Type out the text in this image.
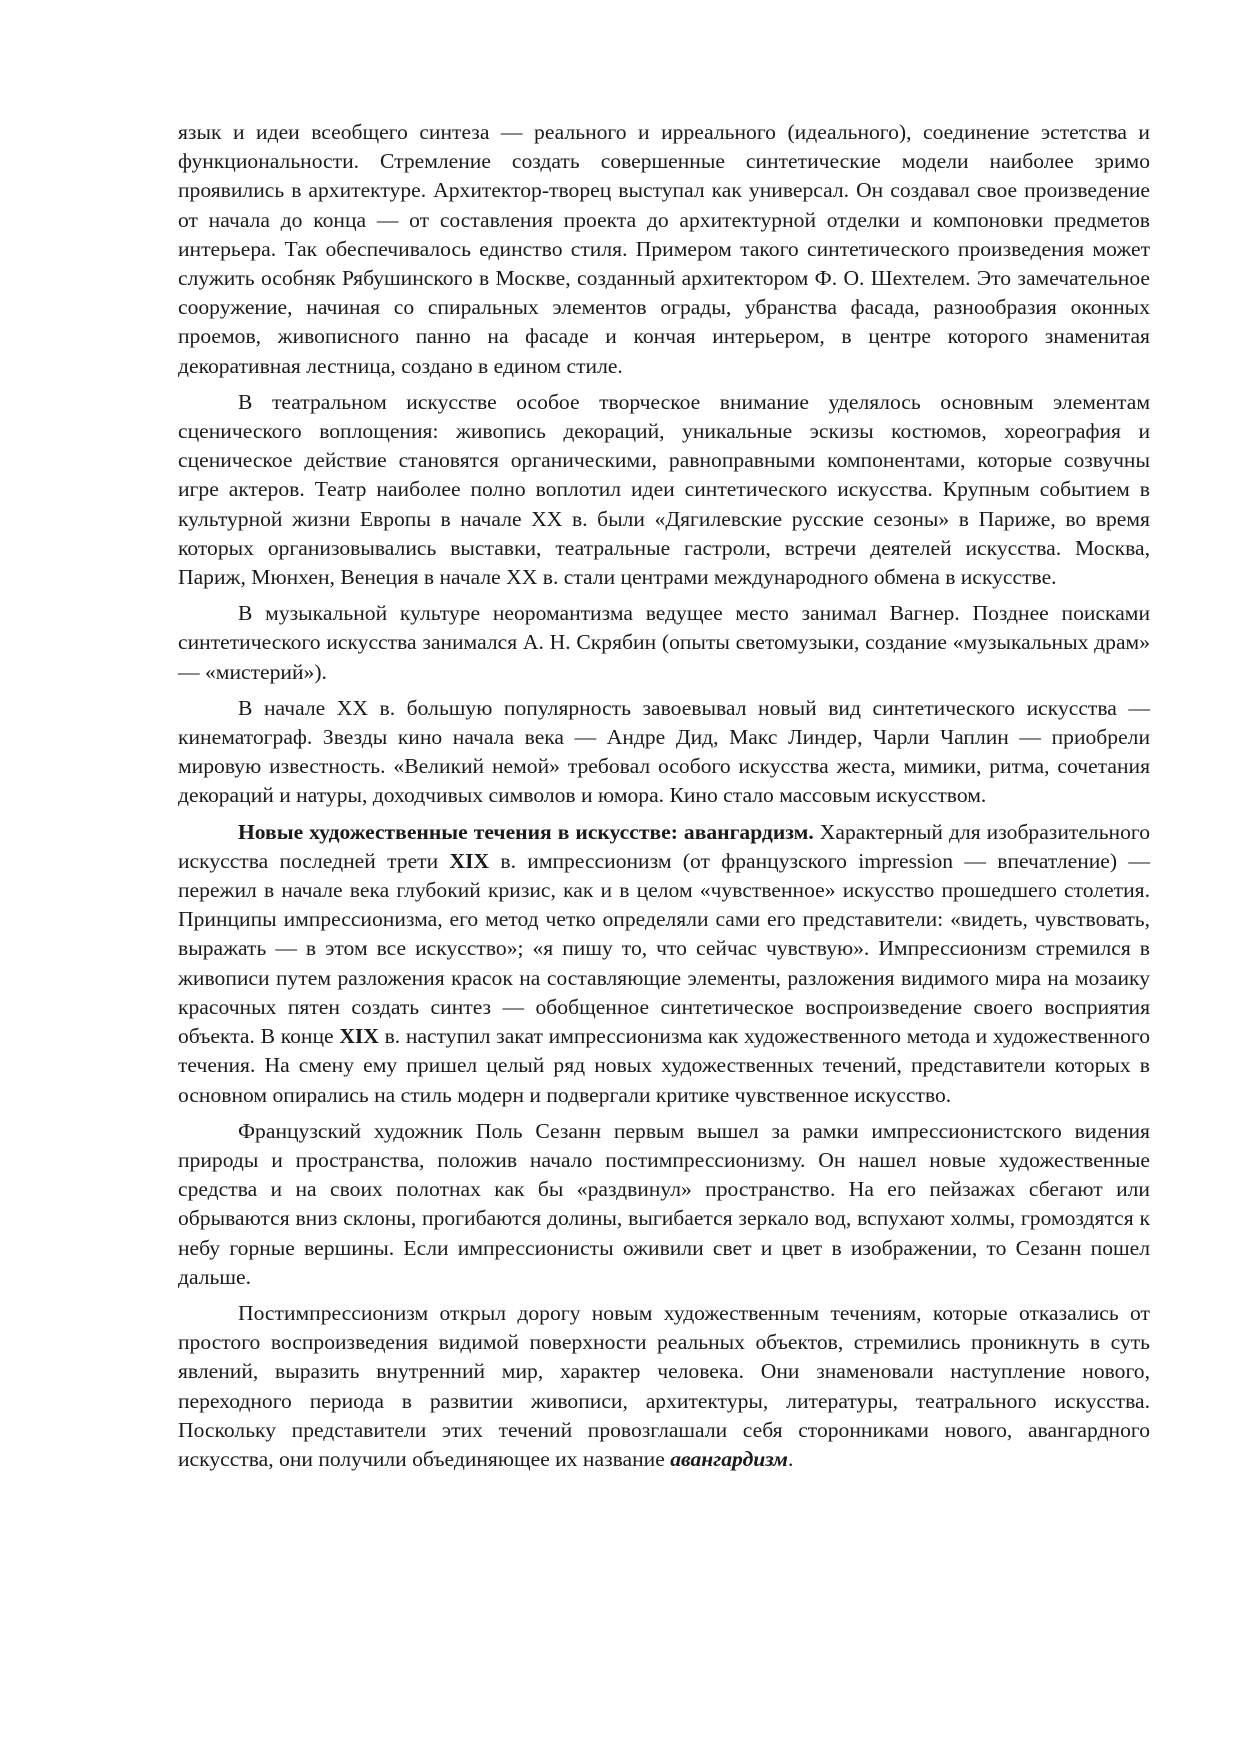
язык и идеи всеобщего синтеза — реального и ирреального (идеального), соединение эстетства и функциональности. Стремление создать совершенные синтетические модели наиболее зримо проявились в архитектуре. Архитектор-творец выступал как универсал. Он создавал свое произведение от начала до конца — от составления проекта до архитектурной отделки и компоновки предметов интерьера. Так обеспечивалось единство стиля. Примером такого синтетического произведения может служить особняк Рябушинского в Москве, созданный архитектором Ф. О. Шехтелем. Это замечательное сооружение, начиная со спиральных элементов ограды, убранства фасада, разнообразия оконных проемов, живописного панно на фасаде и кончая интерьером, в центре которого знаменитая декоративная лестница, создано в едином стиле.

В театральном искусстве особое творческое внимание уделялось основным элементам сценического воплощения: живопись декораций, уникальные эскизы костюмов, хореография и сценическое действие становятся органическими, равноправными компонентами, которые созвучны игре актеров. Театр наиболее полно воплотил идеи синтетического искусства. Крупным событием в культурной жизни Европы в начале XX в. были «Дягилевские русские сезоны» в Париже, во время которых организовывались выставки, театральные гастроли, встречи деятелей искусства. Москва, Париж, Мюнхен, Венеция в начале XX в. стали центрами международного обмена в искусстве.

В музыкальной культуре неоромантизма ведущее место занимал Вагнер. Позднее поисками синтетического искусства занимался А. Н. Скрябин (опыты светомузыки, создание «музыкальных драм» — «мистерий»).

В начале XX в. большую популярность завоевывал новый вид синтетического искусства — кинематограф. Звезды кино начала века — Андре Дид, Макс Линдер, Чарли Чаплин — приобрели мировую известность. «Великий немой» требовал особого искусства жеста, мимики, ритма, сочетания декораций и натуры, доходчивых символов и юмора. Кино стало массовым искусством.

Новые художественные течения в искусстве: авангардизм. Характерный для изобразительного искусства последней трети XIX в. импрессионизм (от французского impression — впечатление) — пережил в начале века глубокий кризис, как и в целом «чувственное» искусство прошедшего столетия. Принципы импрессионизма, его метод четко определяли сами его представители: «видеть, чувствовать, выражать — в этом все искусство»; «я пишу то, что сейчас чувствую». Импрессионизм стремился в живописи путем разложения красок на составляющие элементы, разложения видимого мира на мозаику красочных пятен создать синтез — обобщенное синтетическое воспроизведение своего восприятия объекта. В конце XIX в. наступил закат импрессионизма как художественного метода и художественного течения. На смену ему пришел целый ряд новых художественных течений, представители которых в основном опирались на стиль модерн и подвергали критике чувственное искусство.

Французский художник Поль Сезанн первым вышел за рамки импрессионистского видения природы и пространства, положив начало постимпрессионизму. Он нашел новые художественные средства и на своих полотнах как бы «раздвинул» пространство. На его пейзажах сбегают или обрываются вниз склоны, прогибаются долины, выгибается зеркало вод, вспухают холмы, громоздятся к небу горные вершины. Если импрессионисты оживили свет и цвет в изображении, то Сезанн пошел дальше.

Постимпрессионизм открыл дорогу новым художественным течениям, которые отказались от простого воспроизведения видимой поверхности реальных объектов, стремились проникнуть в суть явлений, выразить внутренний мир, характер человека. Они знаменовали наступление нового, переходного периода в развитии живописи, архитектуры, литературы, театрального искусства. Поскольку представители этих течений провозглашали себя сторонниками нового, авангардного искусства, они получили объединяющее их название авангардизм.
